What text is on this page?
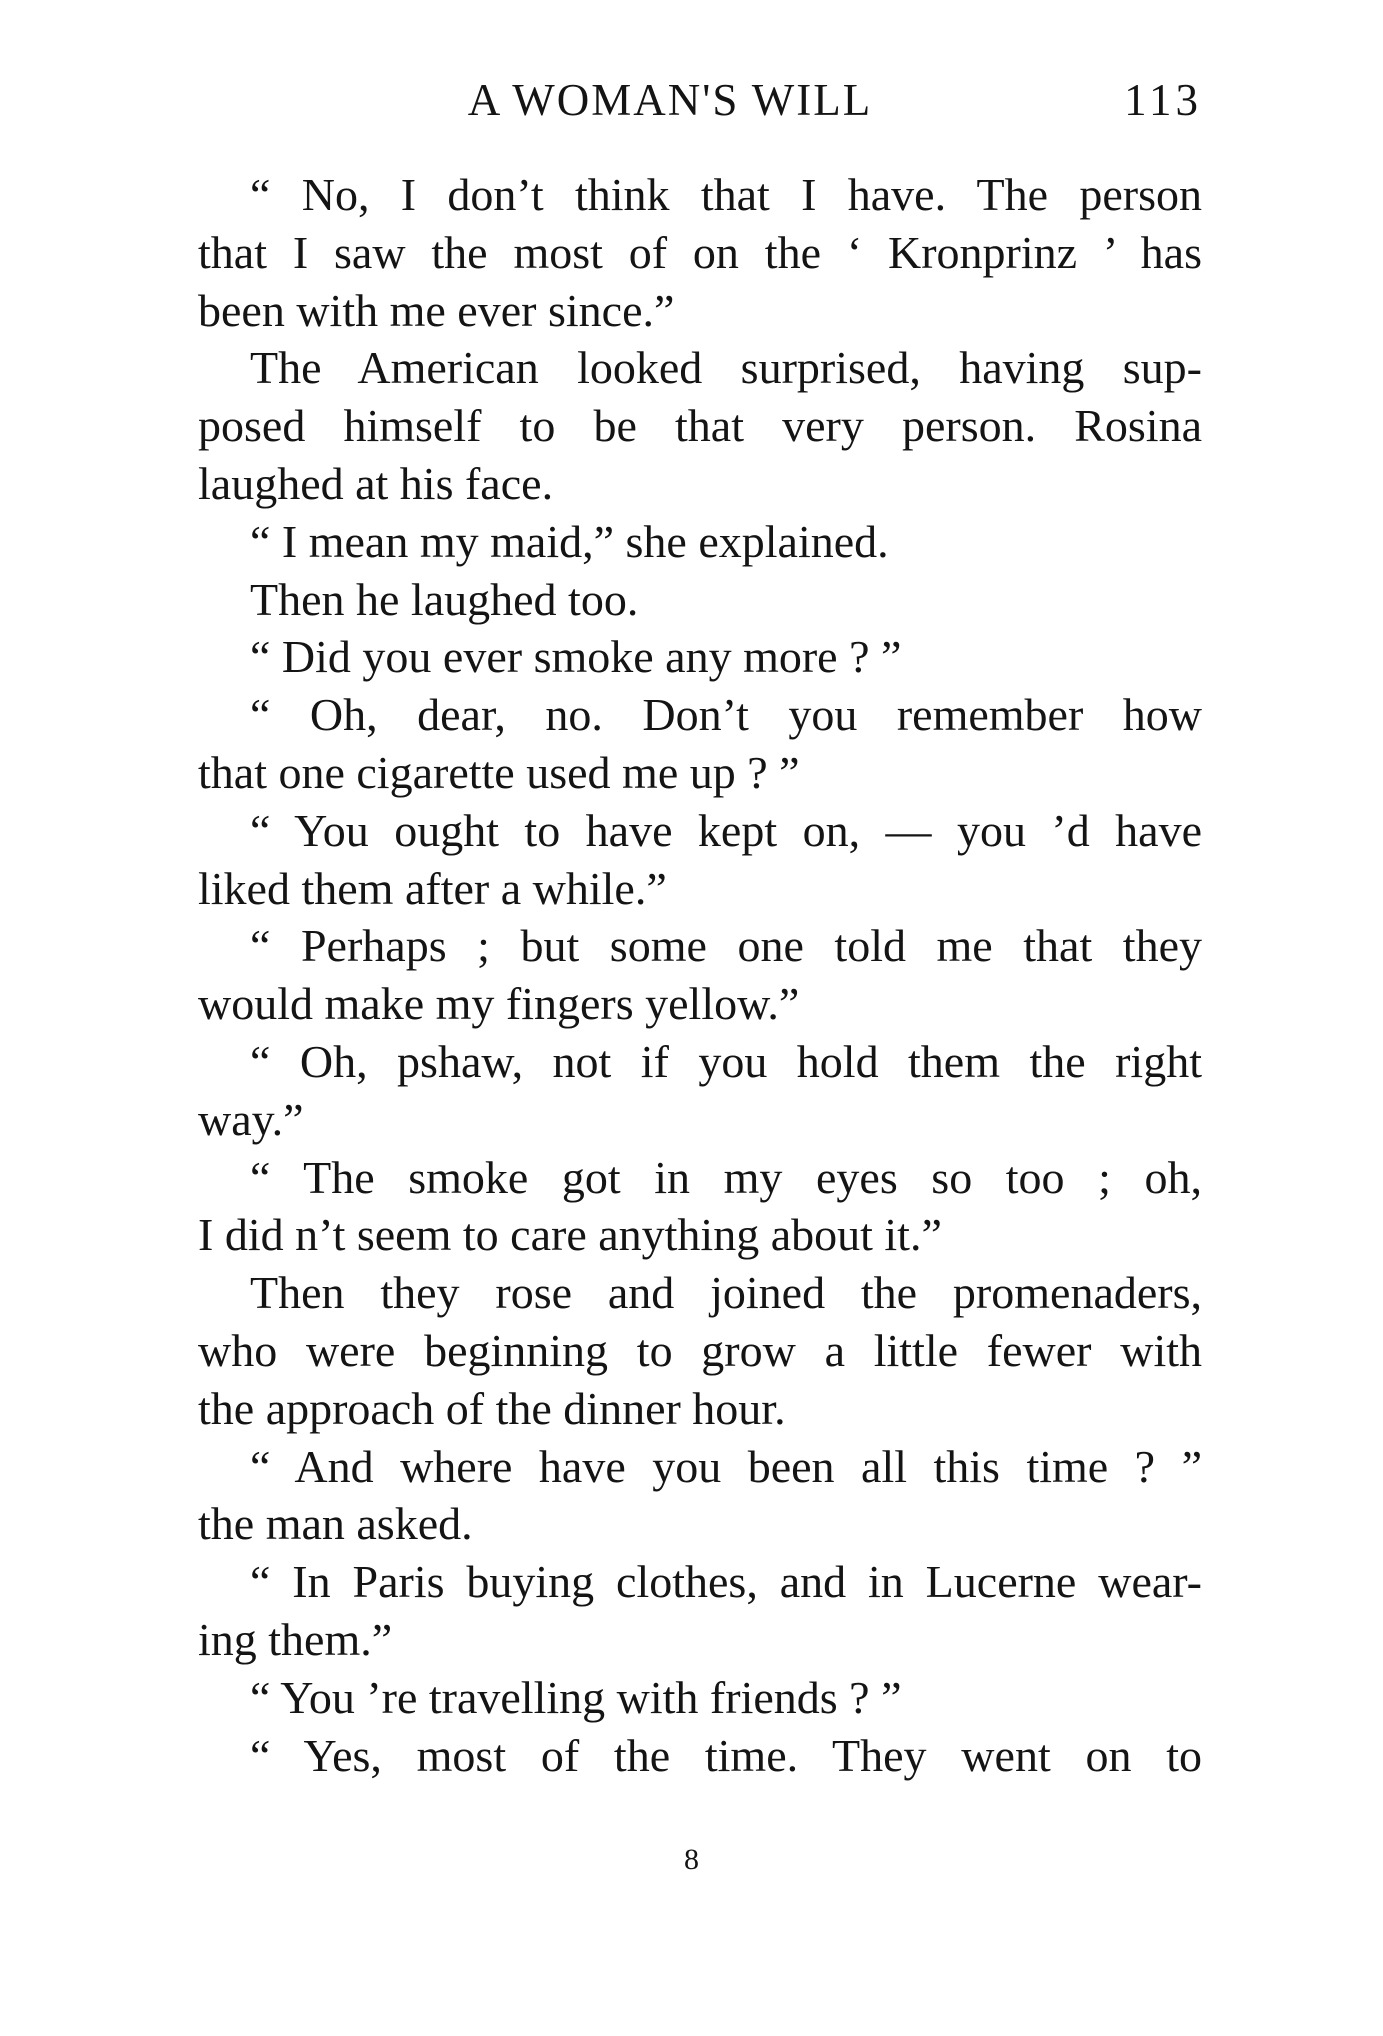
A WOMAN'S WILL	113
“ No, I don’t think that I have. The person
that I saw the most of on the ‘ Kronprinz ’ has
been with me ever since.”
The American looked surprised, having sup-
posed himself to be that very person. Rosina
laughed at his face.
“ I mean my maid,” she explained.
Then he laughed too.
“ Did you ever smoke any more ? ”
“ Oh, dear, no. Don’t you remember how
that one cigarette used me up ? ”
“ You ought to have kept on, — you ’d have
liked them after a while.”
“ Perhaps ; but some one told me that they
would make my fingers yellow.”
“ Oh, pshaw, not if you hold them the right
way.”
“ The smoke got in my eyes so too ; oh,
I did n’t seem to care anything about it.”
Then they rose and joined the promenaders,
who were beginning to grow a little fewer with
the approach of the dinner hour.
“ And where have you been all this time ? ”
the man asked.
“ In Paris buying clothes, and in Lucerne wear-
ing them.”
“ You ’re travelling with friends ? ”
“ Yes, most of the time. They went on to
8
